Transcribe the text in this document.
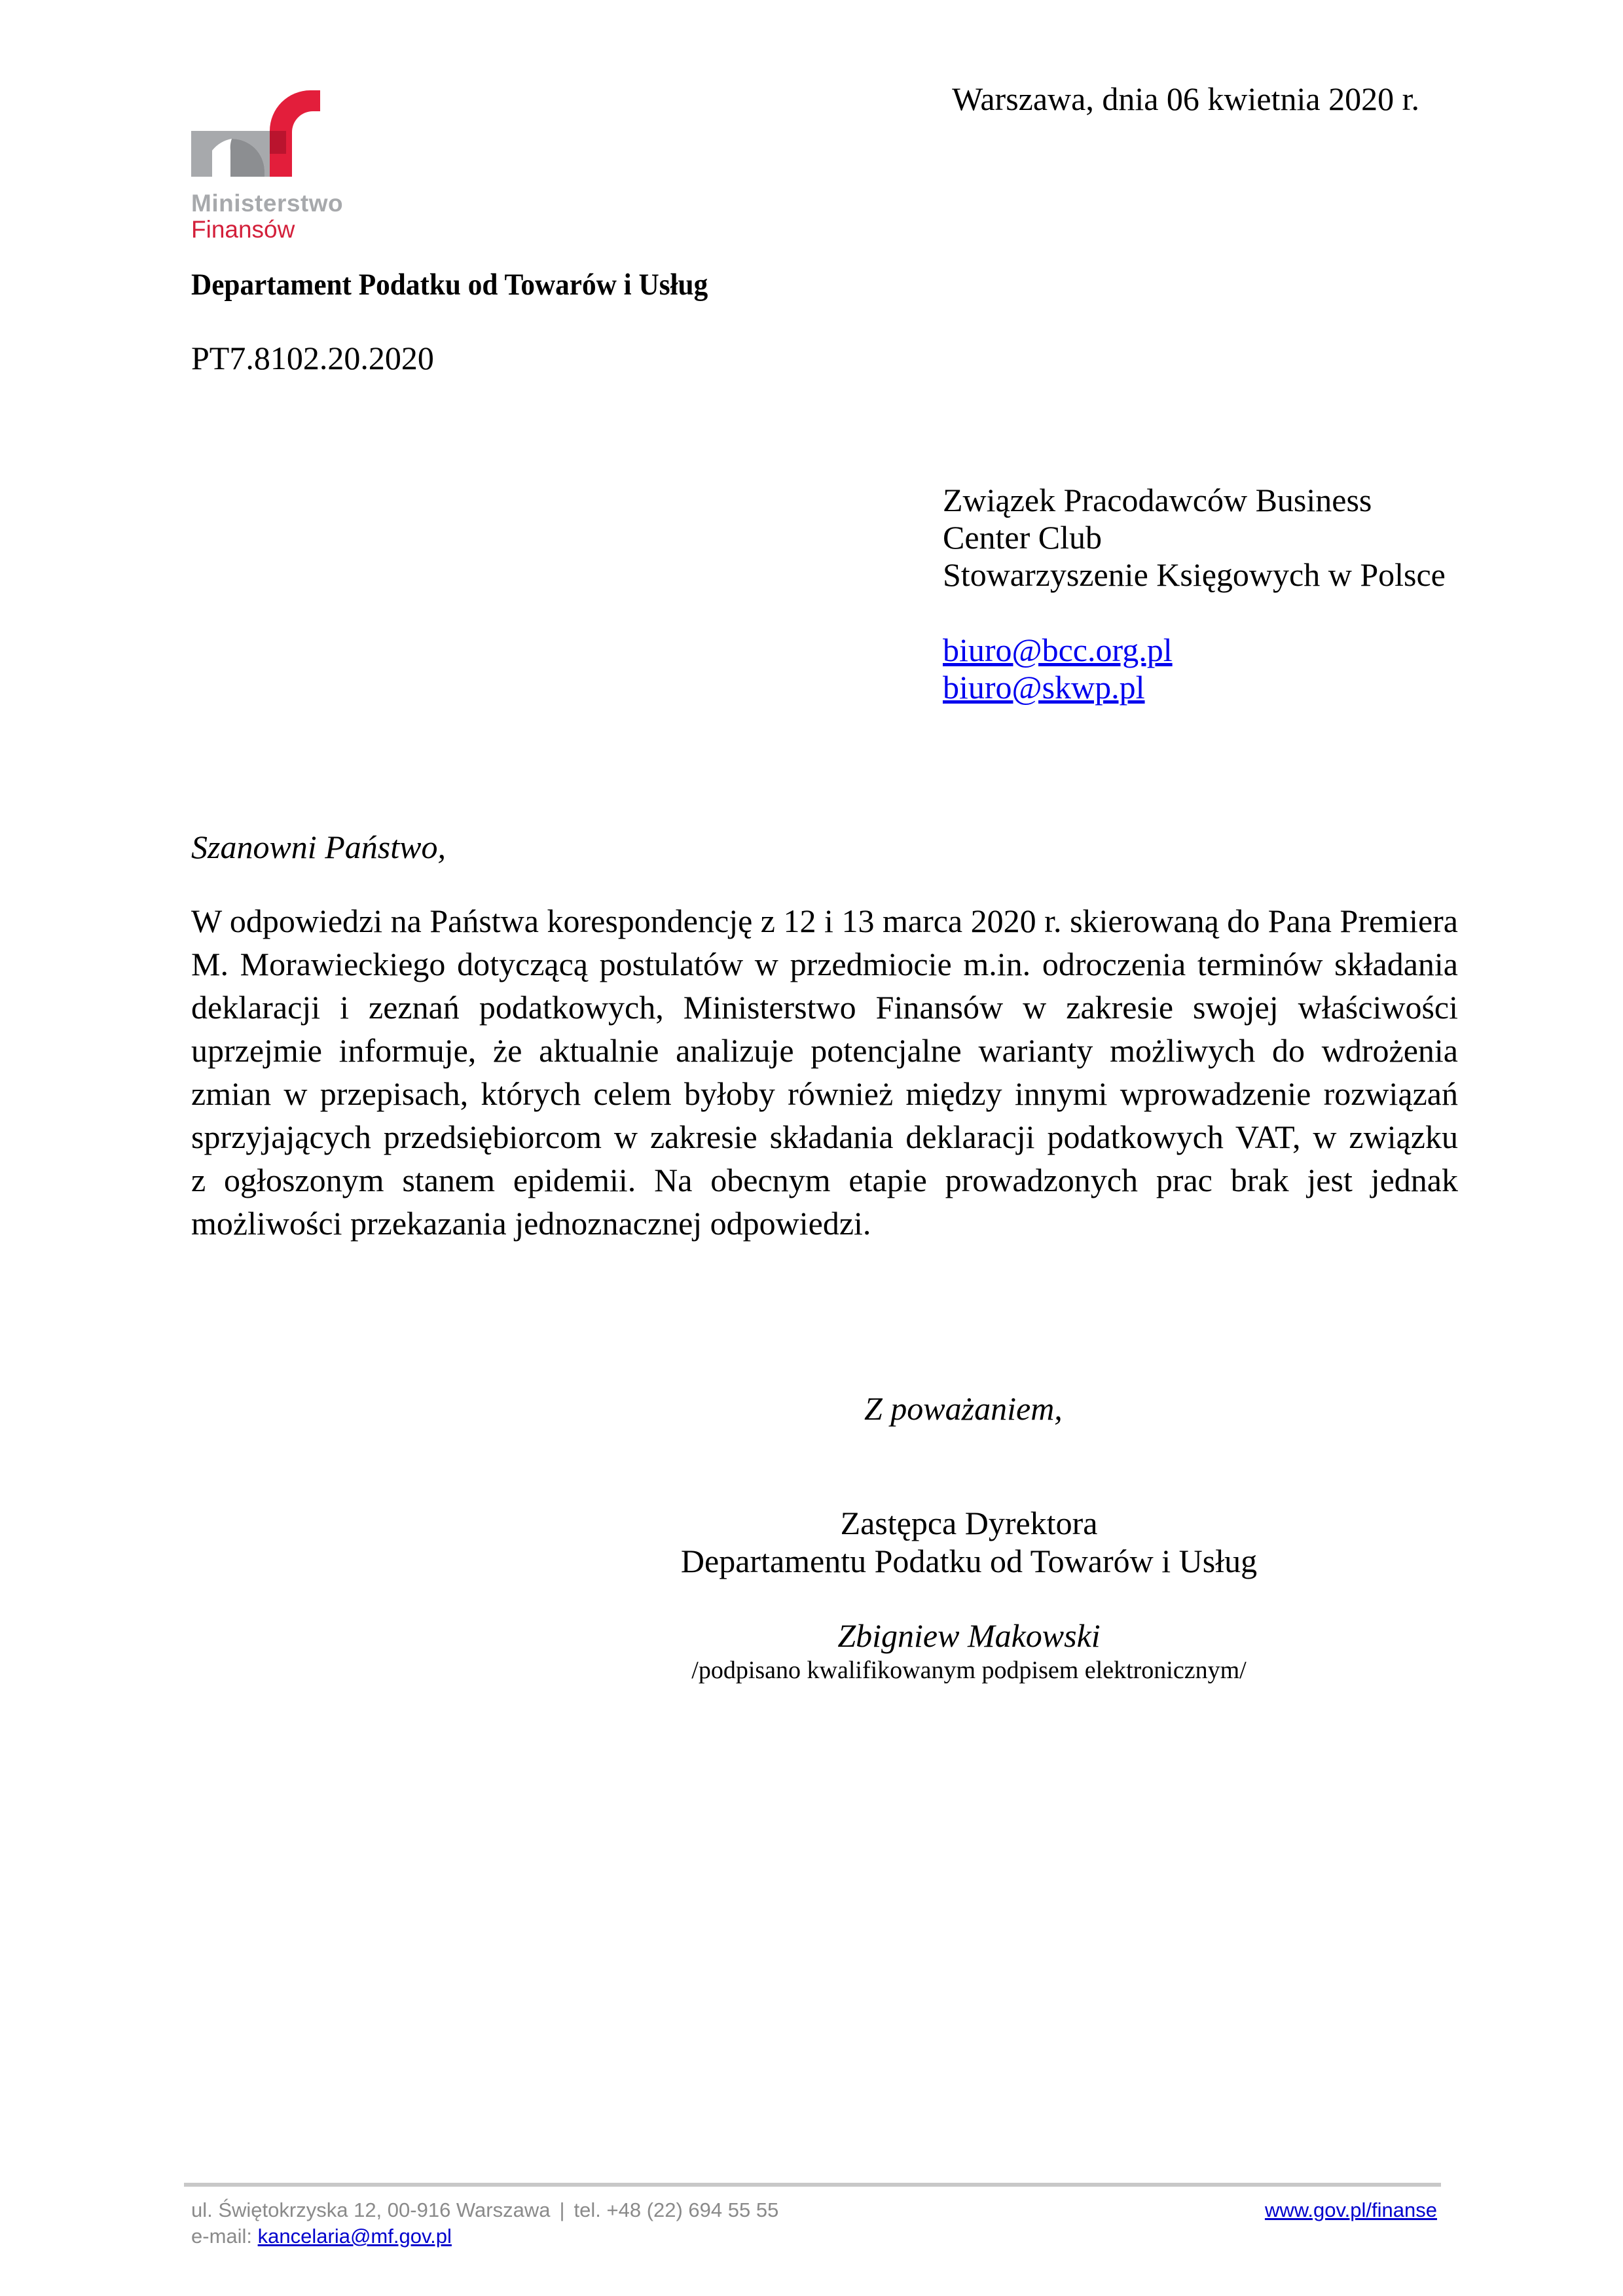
Ministerstwo
Finansów
Warszawa, dnia 06 kwietnia 2020 r.
Departament Podatku od Towarów i Usług
PT7.8102.20.2020
Związek Pracodawców Business
Center Club
Stowarzyszenie Księgowych w Polsce
biuro@bcc.org.pl
biuro@skwp.pl
Szanowni Państwo,
W odpowiedzi na Państwa korespondencję z 12 i 13 marca 2020 r. skierowaną do Pana Premiera
M. Morawieckiego dotyczącą postulatów w przedmiocie m.in. odroczenia terminów składania
deklaracji i zeznań podatkowych, Ministerstwo Finansów w zakresie swojej właściwości
uprzejmie informuje, że aktualnie analizuje potencjalne warianty możliwych do wdrożenia
zmian w przepisach, których celem byłoby również między innymi wprowadzenie rozwiązań
sprzyjających przedsiębiorcom w zakresie składania deklaracji podatkowych VAT, w związku
z ogłoszonym stanem epidemii. Na obecnym etapie prowadzonych prac brak jest jednak
możliwości przekazania jednoznacznej odpowiedzi.
Z poważaniem,
Zastępca Dyrektora
Departamentu Podatku od Towarów i Usług
Zbigniew Makowski
/podpisano kwalifikowanym podpisem elektronicznym/
ul. Świętokrzyska 12, 00-916 Warszawa | tel. +48 (22) 694 55 55
e-mail: kancelaria@mf.gov.pl
www.gov.pl/finanse
